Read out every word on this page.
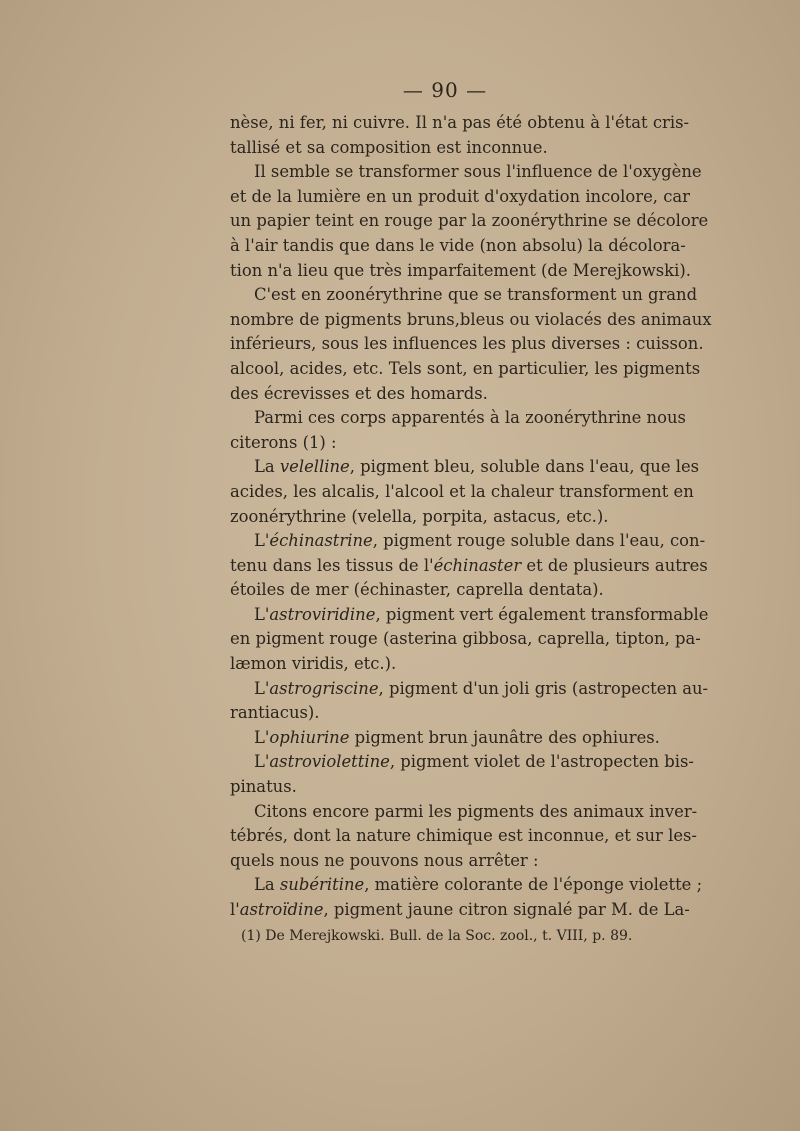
— 90 —
nèse, ni fer, ni cuivre. Il n'a pas été obtenu à l'état cris-
tallisé et sa composition est inconnue.
Il semble se transformer sous l'influence de l'oxygène
et de la lumière en un produit d'oxydation incolore, car
un papier teint en rouge par la zoonérythrine se décolore
à l'air tandis que dans le vide (non absolu) la décolora-
tion n'a lieu que très imparfaitement (de Merejkowski).
C'est en zoonérythrine que se transforment un grand
nombre de pigments bruns,bleus ou violacés des animaux
inférieurs, sous les influences les plus diverses : cuisson.
alcool, acides, etc. Tels sont, en particulier, les pigments
des écrevisses et des homards.
Parmi ces corps apparentés à la zoonérythrine nous
citerons (1) :
La velelline, pigment bleu, soluble dans l'eau, que les
acides, les alcalis, l'alcool et la chaleur transforment en
zoonérythrine (velella, porpita, astacus, etc.).
L'échinastrine, pigment rouge soluble dans l'eau, con-
tenu dans les tissus de l'échinaster et de plusieurs autres
étoiles de mer (échinaster, caprella dentata).
L'astroviridine, pigment vert également transformable
en pigment rouge (asterina gibbosa, caprella, tipton, pa-
læmon viridis, etc.).
L'astrogriscine, pigment d'un joli gris (astropecten au-
rantiacus).
L'ophiurine pigment brun jaunâtre des ophiures.
L'astroviolettine, pigment violet de l'astropecten bis-
pinatus.
Citons encore parmi les pigments des animaux inver-
tébrés, dont la nature chimique est inconnue, et sur les-
quels nous ne pouvons nous arrêter :
La subéritine, matière colorante de l'éponge violette ;
l'astroïdine, pigment jaune citron signalé par M. de La-
(1) De Merejkowski. Bull. de la Soc. zool., t. VIII, p. 89.
